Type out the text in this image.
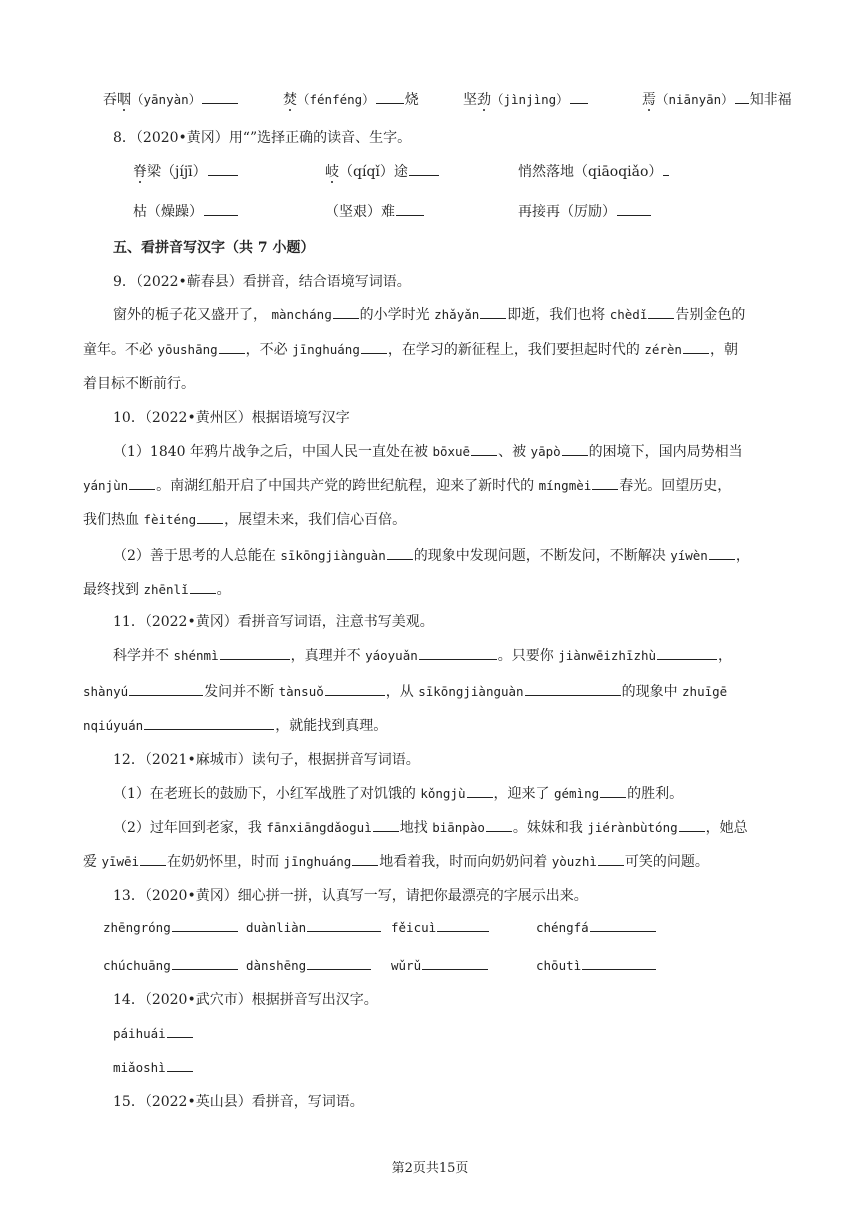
吞咽（yānyàn）	焚（fénféng） 烧	坚劲（jìnjìng）	焉（niānyān） 知非福
8．（2020•黄冈）用“”选择正确的读音、生字。
脊梁（jíjī）	岐（qíqǐ）途	悄然落地（qiāoqiǎo）
枯（燥躁）	（坚艰）难	再接再（厉励）
五、看拼音写汉字（共 7 小题）
9．（2022•蕲春县）看拼音，结合语境写词语。
窗外的栀子花又盛开了， mànchánɡ 的小学时光 zhǎyǎn 即逝，我们也将 chèdǐ 告别金色的
童年。不必 yōushāng ，不必 jīnghuáng ，在学习的新征程上，我们要担起时代的 zérèn ，朝
着目标不断前行。
10．（2022•黄州区）根据语境写汉字
（1）1840 年鸦片战争之后，中国人民一直处在被 bōxuē 、被 yāpò 的困境下，国内局势相当
yánjùn 。南湖红船开启了中国共产党的跨世纪航程，迎来了新时代的 míngmèi 春光。回望历史，
我们热血 fèiténg ，展望未来，我们信心百倍。
（2）善于思考的人总能在 sīkōngjiànguàn 的现象中发现问题，不断发问，不断解决 yíwèn ，
最终找到 zhēnlǐ 。
11．（2022•黄冈）看拼音写词语，注意书写美观。
科学并不 shénmì	，真理并不 yáoyuǎn	。只要你 jiànwēizhīzhù	，
shànyú	发问并不断 tànsuǒ	，从 sīkōngjiànguàn	的现象中 zhuīgē
nqiúyuán	，就能找到真理。
12．（2021•麻城市）读句子，根据拼音写词语。
（1）在老班长的鼓励下，小红军战胜了对饥饿的 kǒngjù ，迎来了 gémìng 的胜利。
（2）过年回到老家，我 fānxiāngdǎoguì 地找 biānpào 。妹妹和我 jiérànbùtóng ，她总
爱 yīwēi 在奶奶怀里，时而 jīnghuáng 地看着我，时而向奶奶问着 yòuzhì 可笑的问题。
13．（2020•黄冈）细心拼一拼，认真写一写，请把你最漂亮的字展示出来。
zhēngróng	duànliàn	fěicuì	chéngfá
chúchuāng	dànshēng	wǔrǔ	chōutì
14．（2020•武穴市）根据拼音写出汉字。
páihuái
miǎoshì
15．（2022•英山县）看拼音，写词语。
第2页共15页
